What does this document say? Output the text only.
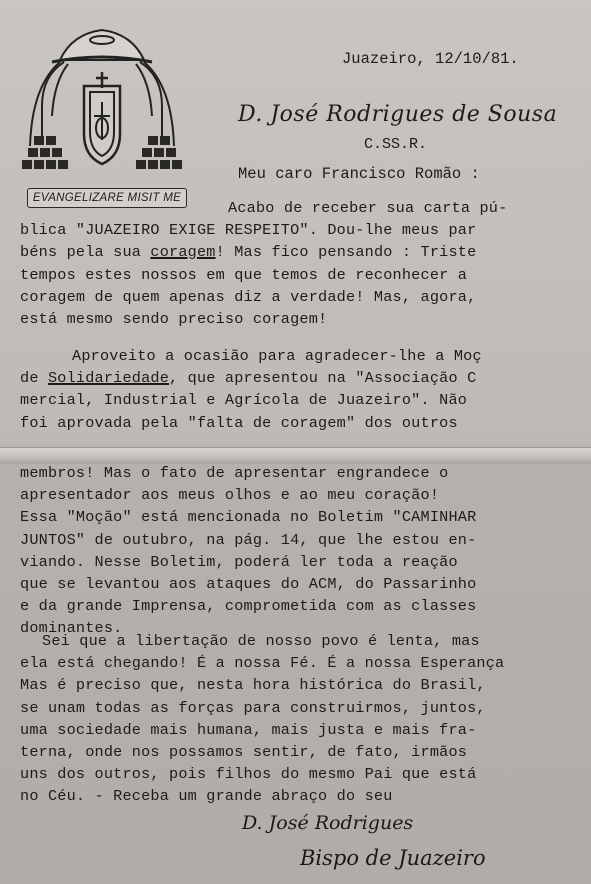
EVANGELIZARE MISIT ME
Juazeiro, 12/10/81.
D. José Rodrigues de Sousa
C.SS.R.
Meu caro Francisco Romão :
Acabo de receber sua carta pú-
blica "JUAZEIRO EXIGE RESPEITO". Dou-lhe meus par
béns pela sua coragem! Mas fico pensando : Triste
tempos estes nossos em que temos de reconhecer a
coragem de quem apenas diz a verdade! Mas, agora,
está mesmo sendo preciso coragem!
Aproveito a ocasião para agradecer-lhe a Moç
de Solidariedade, que apresentou na "Associação C
mercial, Industrial e Agrícola de Juazeiro". Não
foi aprovada pela "falta de coragem" dos outros
membros! Mas o fato de apresentar engrandece o
apresentador aos meus olhos e ao meu coração!
Essa "Moção" está mencionada no Boletim "CAMINHAR
JUNTOS" de outubro, na pág. 14, que lhe estou en-
viando. Nesse Boletim, poderá ler toda a reação
que se levantou aos ataques do ACM, do Passarinho
e da grande Imprensa, comprometida com as classes
dominantes.
Sei que a libertação de nosso povo é lenta, mas
ela está chegando! É a nossa Fé. É a nossa Esperança
Mas é preciso que, nesta hora histórica do Brasil,
se unam todas as forças para construirmos, juntos,
uma sociedade mais humana, mais justa e mais fra-
terna, onde nos possamos sentir, de fato, irmãos
uns dos outros, pois filhos do mesmo Pai que está
no Céu. - Receba um grande abraço do seu
D. José Rodrigues
Bispo de Juazeiro
